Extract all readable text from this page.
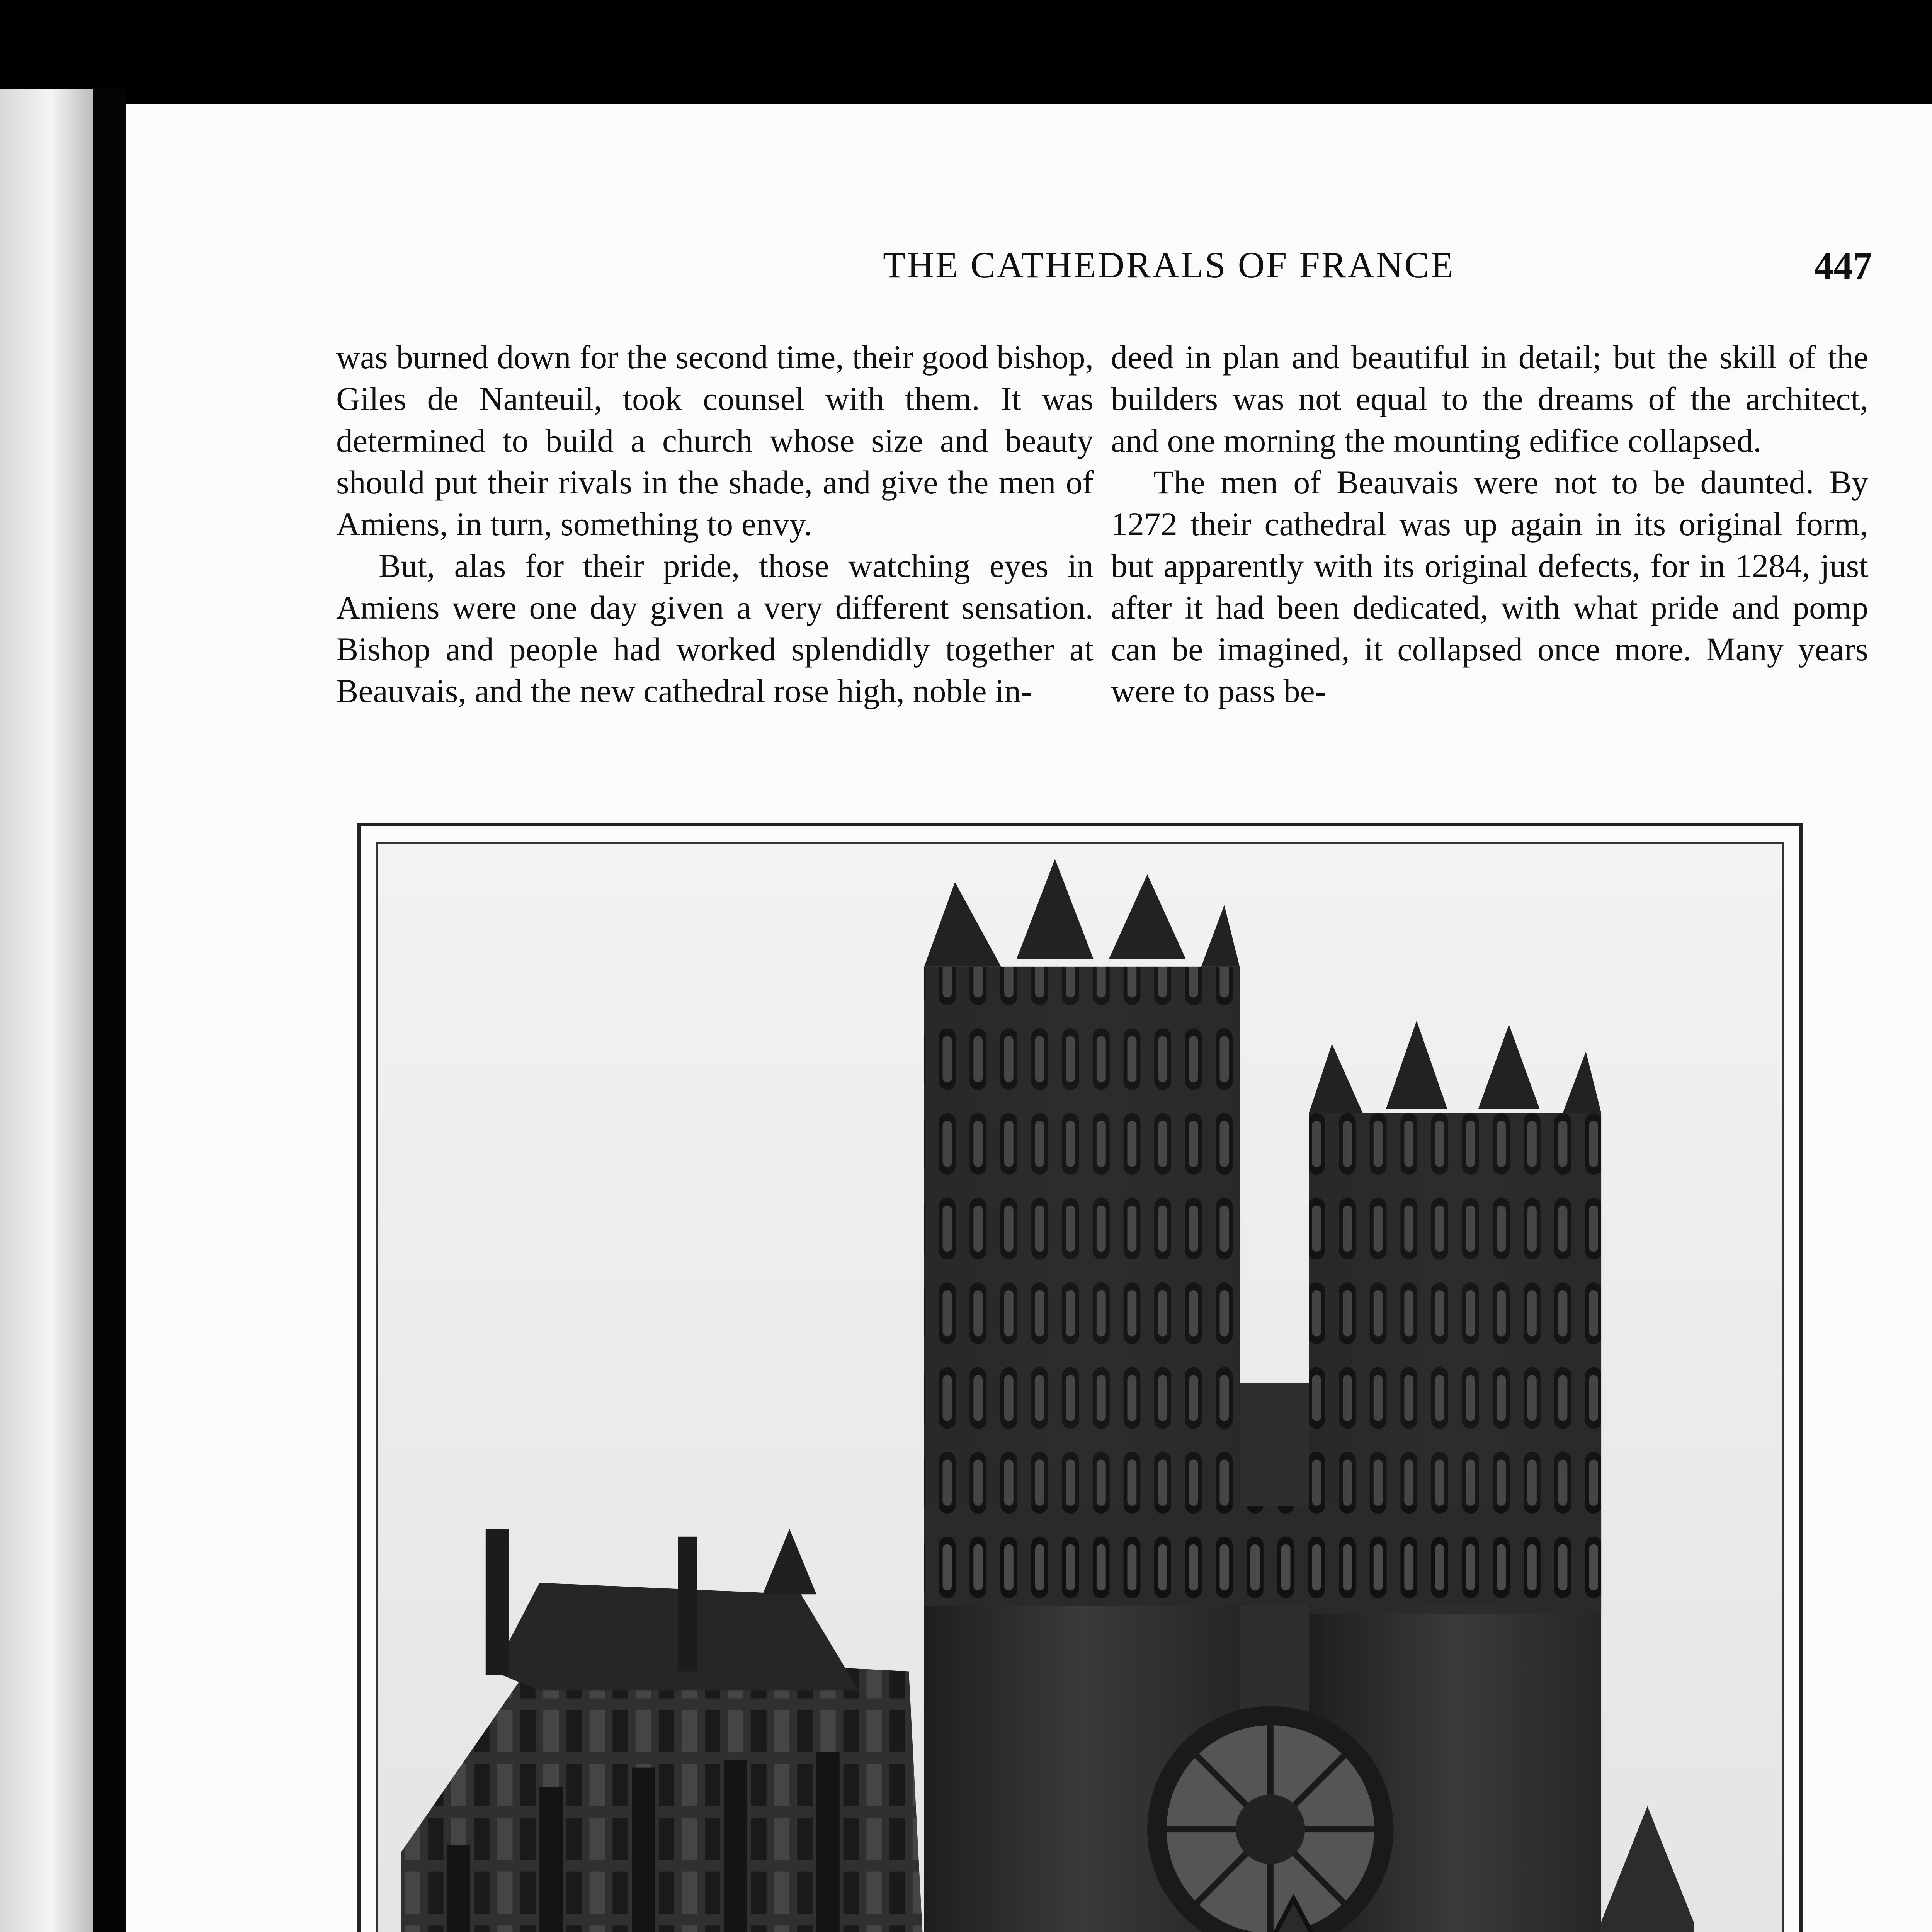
THE CATHEDRALS OF FRANCE	447

was burned down for the second time, their good bishop, Giles de Nanteuil, took counsel with them. It was determined to build a church whose size and beauty should put their rivals in the shade, and give the men of Amiens, in turn, something to envy.

But, alas for their pride, those watching eyes in Amiens were one day given a very different sensation. Bishop and people had worked splendidly together at Beauvais, and the new cathedral rose high, noble in-

deed in plan and beautiful in detail; but the skill of the builders was not equal to the dreams of the architect, and one morning the mounting edifice collapsed.

The men of Beauvais were not to be daunted. By 1272 their cathedral was up again in its original form, but apparently with its original defects, for in 1284, just after it had been dedicated, with what pride and pomp can be imagined, it collapsed once more. Many years were to pass be-
